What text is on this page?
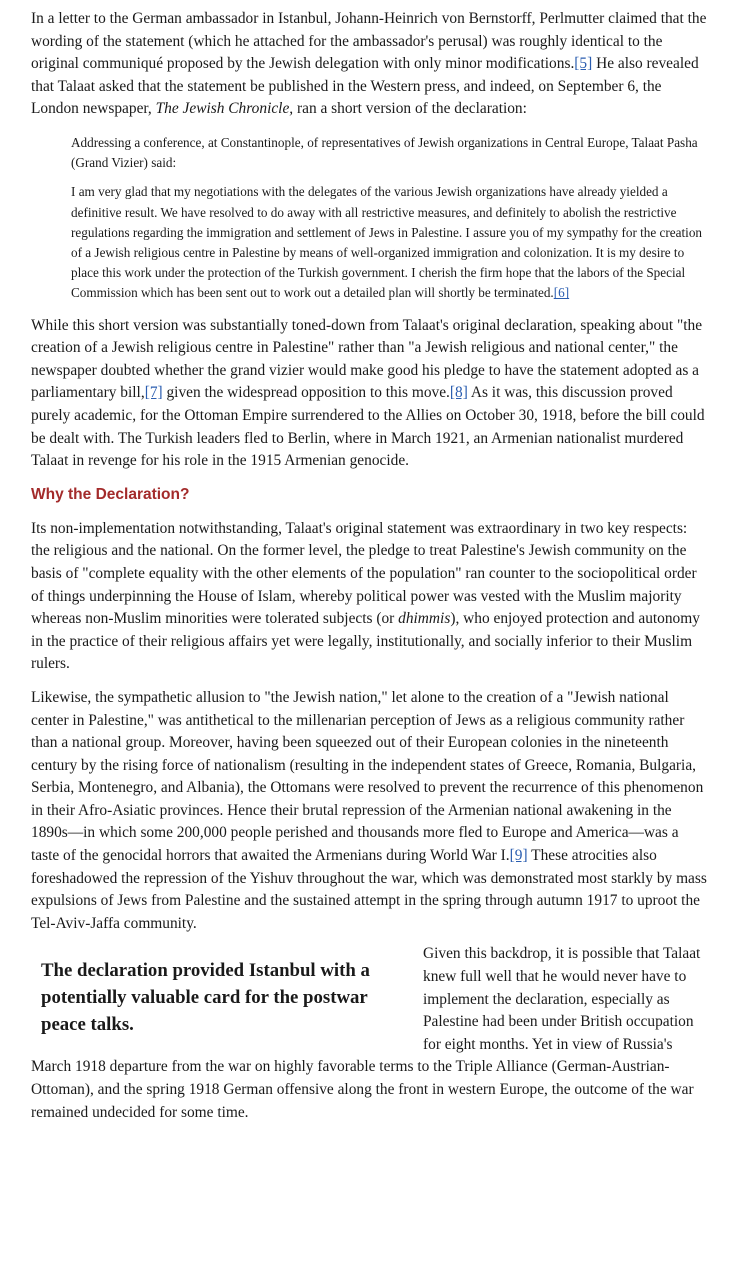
In a letter to the German ambassador in Istanbul, Johann-Heinrich von Bernstorff, Perlmutter claimed that the wording of the statement (which he attached for the ambassador's perusal) was roughly identical to the original communiqué proposed by the Jewish delegation with only minor modifications.[5] He also revealed that Talaat asked that the statement be published in the Western press, and indeed, on September 6, the London newspaper, The Jewish Chronicle, ran a short version of the declaration:

Addressing a conference, at Constantinople, of representatives of Jewish organizations in Central Europe, Talaat Pasha (Grand Vizier) said:

I am very glad that my negotiations with the delegates of the various Jewish organizations have already yielded a definitive result. We have resolved to do away with all restrictive measures, and definitely to abolish the restrictive regulations regarding the immigration and settlement of Jews in Palestine. I assure you of my sympathy for the creation of a Jewish religious centre in Palestine by means of well-organized immigration and colonization. It is my desire to place this work under the protection of the Turkish government. I cherish the firm hope that the labors of the Special Commission which has been sent out to work out a detailed plan will shortly be terminated.[6]

While this short version was substantially toned-down from Talaat's original declaration, speaking about "the creation of a Jewish religious centre in Palestine" rather than "a Jewish religious and national center," the newspaper doubted whether the grand vizier would make good his pledge to have the statement adopted as a parliamentary bill,[7] given the widespread opposition to this move.[8] As it was, this discussion proved purely academic, for the Ottoman Empire surrendered to the Allies on October 30, 1918, before the bill could be dealt with. The Turkish leaders fled to Berlin, where in March 1921, an Armenian nationalist murdered Talaat in revenge for his role in the 1915 Armenian genocide.

Why the Declaration?

Its non-implementation notwithstanding, Talaat's original statement was extraordinary in two key respects: the religious and the national. On the former level, the pledge to treat Palestine's Jewish community on the basis of "complete equality with the other elements of the population" ran counter to the sociopolitical order of things underpinning the House of Islam, whereby political power was vested with the Muslim majority whereas non-Muslim minorities were tolerated subjects (or dhimmis), who enjoyed protection and autonomy in the practice of their religious affairs yet were legally, institutionally, and socially inferior to their Muslim rulers.

Likewise, the sympathetic allusion to "the Jewish nation," let alone to the creation of a "Jewish national center in Palestine," was antithetical to the millenarian perception of Jews as a religious community rather than a national group. Moreover, having been squeezed out of their European colonies in the nineteenth century by the rising force of nationalism (resulting in the independent states of Greece, Romania, Bulgaria, Serbia, Montenegro, and Albania), the Ottomans were resolved to prevent the recurrence of this phenomenon in their Afro-Asiatic provinces. Hence their brutal repression of the Armenian national awakening in the 1890s—in which some 200,000 people perished and thousands more fled to Europe and America—was a taste of the genocidal horrors that awaited the Armenians during World War I.[9] These atrocities also foreshadowed the repression of the Yishuv throughout the war, which was demonstrated most starkly by mass expulsions of Jews from Palestine and the sustained attempt in the spring through autumn 1917 to uproot the Tel-Aviv-Jaffa community.

The declaration provided Istanbul with a potentially valuable card for the postwar peace talks.

Given this backdrop, it is possible that Talaat knew full well that he would never have to implement the declaration, especially as Palestine had been under British occupation for eight months. Yet in view of Russia's March 1918 departure from the war on highly favorable terms to the Triple Alliance (German-Austrian-Ottoman), and the spring 1918 German offensive along the front in western Europe, the outcome of the war remained undecided for some time.
